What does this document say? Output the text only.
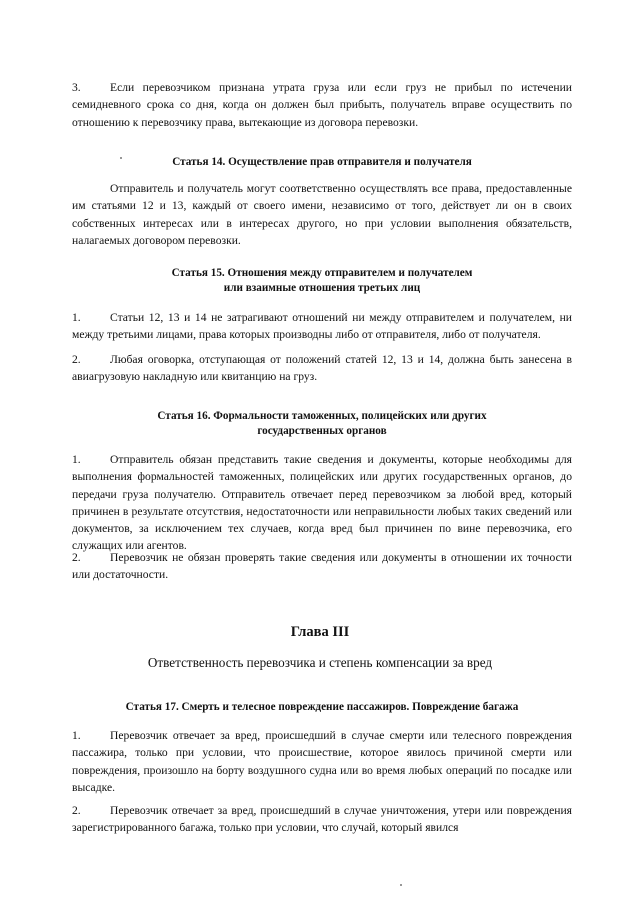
3.	Если перевозчиком признана утрата груза или если груз не прибыл по истечении семидневного срока со дня, когда он должен был прибыть, получатель вправе осуществить по отношению к перевозчику права, вытекающие из договора перевозки.

Статья 14. Осуществление прав отправителя и получателя

Отправитель и получатель могут соответственно осуществлять все права, предоставленные им статьями 12 и 13, каждый от своего имени, независимо от того, действует ли он в своих собственных интересах или в интересах другого, но при условии выполнения обязательств, налагаемых договором перевозки.

Статья 15. Отношения между отправителем и получателем
или взаимные отношения третьих лиц

1.	Статьи 12, 13 и 14 не затрагивают отношений ни между отправителем и получателем, ни между третьими лицами, права которых производны либо от отправителя, либо от получателя.

2.	Любая оговорка, отступающая от положений статей 12, 13 и 14, должна быть занесена в авиагрузовую накладную или квитанцию на груз.

Статья 16. Формальности таможенных, полицейских или других
государственных органов

1.	Отправитель обязан представить такие сведения и документы, которые необходимы для выполнения формальностей таможенных, полицейских или других государственных органов, до передачи груза получателю. Отправитель отвечает перед перевозчиком за любой вред, который причинен в результате отсутствия, недостаточности или неправильности любых таких сведений или документов, за исключением тех случаев, когда вред был причинен по вине перевозчика, его служащих или агентов.

2.	Перевозчик не обязан проверять такие сведения или документы в отношении их точности или достаточности.

Глава III
Ответственность перевозчика и степень компенсации за вред

Статья 17. Смерть и телесное повреждение пассажиров. Повреждение багажа

1.	Перевозчик отвечает за вред, происшедший в случае смерти или телесного повреждения пассажира, только при условии, что происшествие, которое явилось причиной смерти или повреждения, произошло на борту воздушного судна или во время любых операций по посадке или высадке.

2.	Перевозчик отвечает за вред, происшедший в случае уничтожения, утери или повреждения зарегистрированного багажа, только при условии, что случай, который явился
